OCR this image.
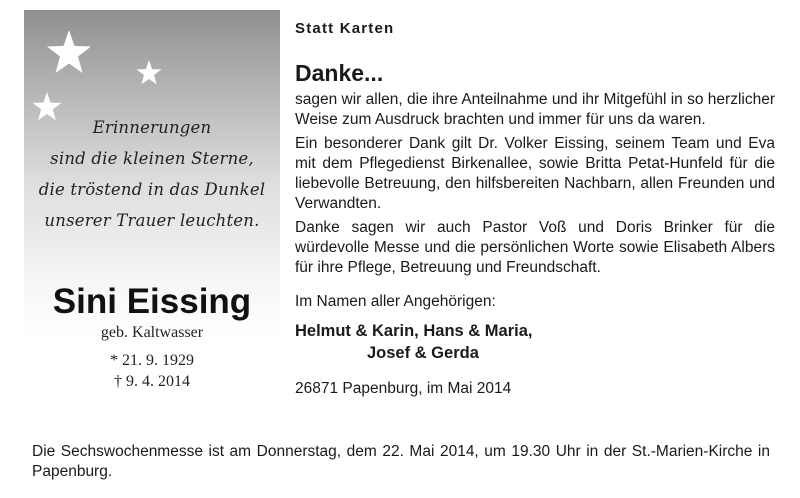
Erinnerungen
sind die kleinen Sterne,
die tröstend in das Dunkel
unserer Trauer leuchten.
Sini Eissing
geb. Kaltwasser
* 21. 9. 1929
† 9. 4. 2014
Statt Karten
Danke...

sagen wir allen, die ihre Anteilnahme und ihr Mitgefühl in so herzlicher Weise zum Ausdruck brachten und immer für uns da waren.

Ein besonderer Dank gilt Dr. Volker Eissing, seinem Team und Eva mit dem Pflegedienst Birkenallee, sowie Britta Petat-Hunfeld für die liebevolle Betreuung, den hilfsbereiten Nachbarn, allen Freunden und Verwandten.

Danke sagen wir auch Pastor Voß und Doris Brinker für die würdevolle Messe und die persönlichen Worte sowie Elisabeth Albers für ihre Pflege, Betreuung und Freundschaft.

Im Namen aller Angehörigen:
Helmut & Karin, Hans & Maria,
Josef & Gerda
26871 Papenburg, im Mai 2014
Die Sechswochenmesse ist am Donnerstag, dem 22. Mai 2014, um 19.30 Uhr in der St.-Marien-Kirche in Papenburg.
